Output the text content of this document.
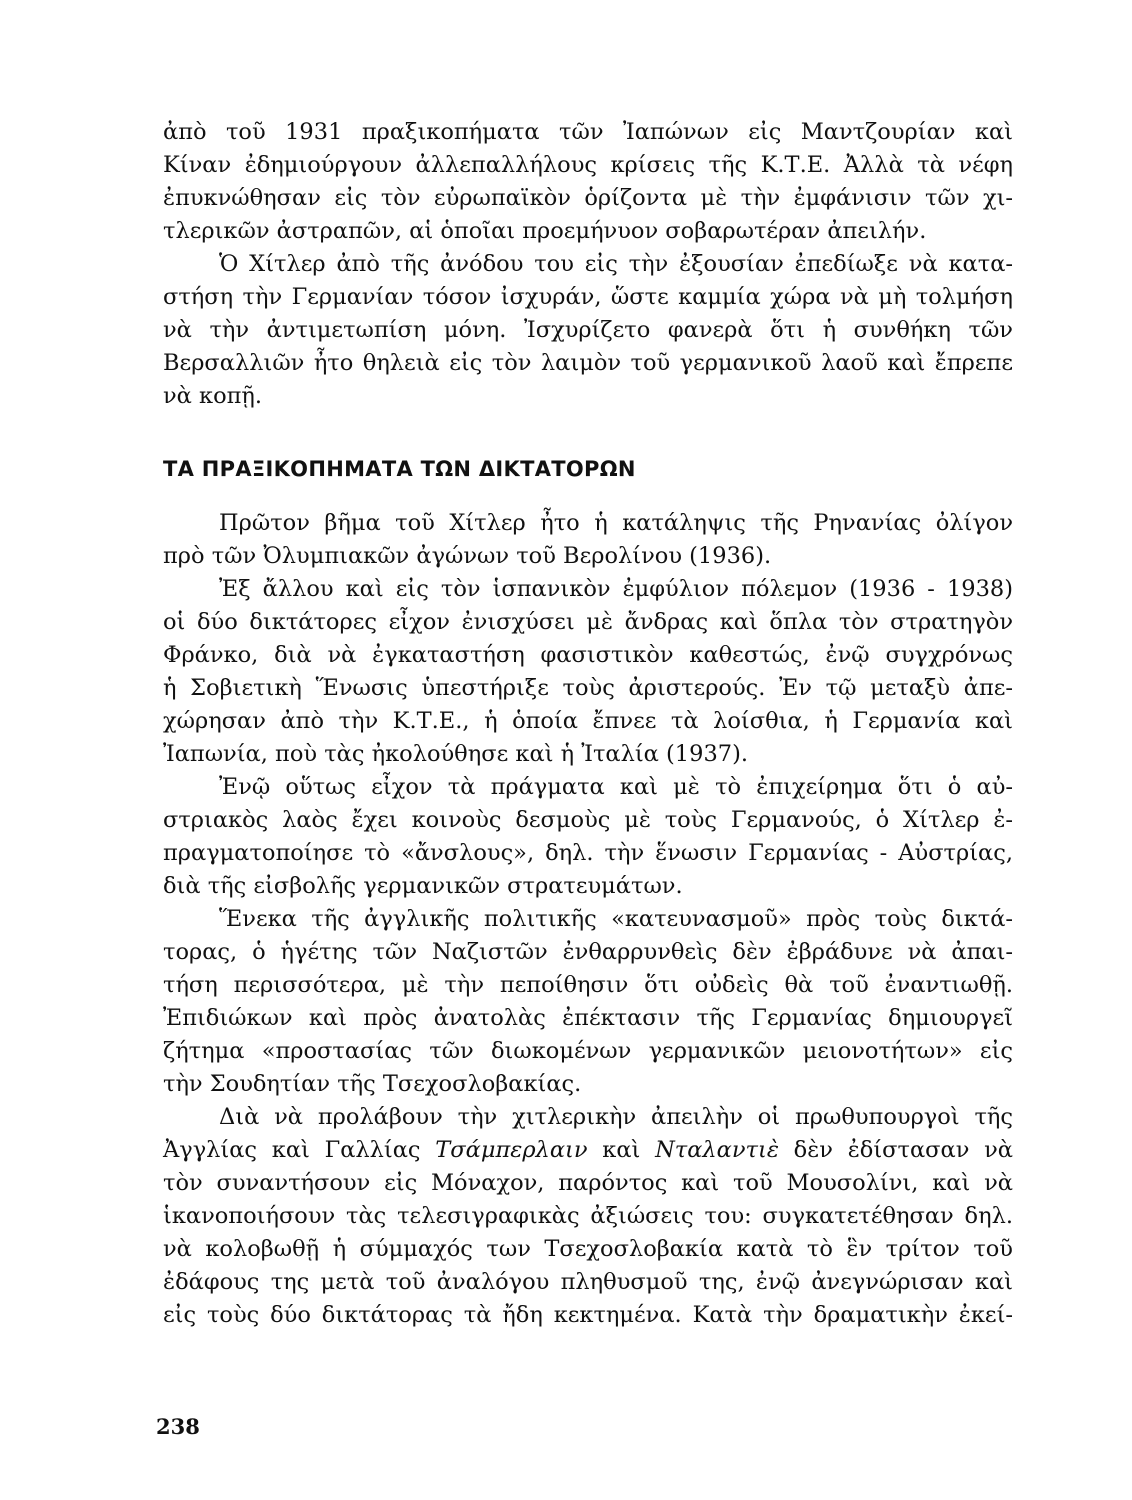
ἀπὸ τοῦ 1931 πραξικοπήματα τῶν Ἰαπώνων εἰς Μαντζουρίαν καὶ
Κίναν ἐδημιούργουν ἀλλεπαλλήλους κρίσεις τῆς Κ.Τ.Ε. Ἀλλὰ τὰ νέφη
ἐπυκνώθησαν εἰς τὸν εὐρωπαϊκὸν ὁρίζοντα μὲ τὴν ἐμφάνισιν τῶν χι-
τλερικῶν ἀστραπῶν, αἱ ὁποῖαι προεμήνυον σοβαρωτέραν ἀπειλήν.
Ὁ Χίτλερ ἀπὸ τῆς ἀνόδου του εἰς τὴν ἐξουσίαν ἐπεδίωξε νὰ κατα-
στήση τὴν Γερμανίαν τόσον ἰσχυράν, ὥστε καμμία χώρα νὰ μὴ τολμήση
νὰ τὴν ἀντιμετωπίση μόνη. Ἰσχυρίζετο φανερὰ ὅτι ἡ συνθήκη τῶν
Βερσαλλιῶν ἦτο θηλειὰ εἰς τὸν λαιμὸν τοῦ γερμανικοῦ λαοῦ καὶ ἔπρεπε
νὰ κοπῇ.
ΤΑ ΠΡΑΞΙΚΟΠΗΜΑΤΑ ΤΩΝ ΔΙΚΤΑΤΟΡΩΝ
Πρῶτον βῆμα τοῦ Χίτλερ ἦτο ἡ κατάληψις τῆς Ρηνανίας ὀλίγον
πρὸ τῶν Ὀλυμπιακῶν ἀγώνων τοῦ Βερολίνου (1936).
Ἐξ ἄλλου καὶ εἰς τὸν ἱσπανικὸν ἐμφύλιον πόλεμον (1936 - 1938)
οἱ δύο δικτάτορες εἶχον ἐνισχύσει μὲ ἄνδρας καὶ ὅπλα τὸν στρατηγὸν
Φράνκο, διὰ νὰ ἐγκαταστήση φασιστικὸν καθεστώς, ἐνῷ συγχρόνως
ἡ Σοβιετικὴ Ἕνωσις ὑπεστήριξε τοὺς ἀριστερούς. Ἐν τῷ μεταξὺ ἀπε-
χώρησαν ἀπὸ τὴν Κ.Τ.Ε., ἡ ὁποία ἔπνεε τὰ λοίσθια, ἡ Γερμανία καὶ
Ἰαπωνία, ποὺ τὰς ἠκολούθησε καὶ ἡ Ἰταλία (1937).
Ἐνῷ οὕτως εἶχον τὰ πράγματα καὶ μὲ τὸ ἐπιχείρημα ὅτι ὁ αὐ-
στριακὸς λαὸς ἔχει κοινοὺς δεσμοὺς μὲ τοὺς Γερμανούς, ὁ Χίτλερ ἐ-
πραγματοποίησε τὸ «ἄνσλους», δηλ. τὴν ἕνωσιν Γερμανίας - Αὐστρίας,
διὰ τῆς εἰσβολῆς γερμανικῶν στρατευμάτων.
Ἕνεκα τῆς ἀγγλικῆς πολιτικῆς «κατευνασμοῦ» πρὸς τοὺς δικτά-
τορας, ὁ ἡγέτης τῶν Ναζιστῶν ἐνθαρρυνθεὶς δὲν ἐβράδυνε νὰ ἀπαι-
τήση περισσότερα, μὲ τὴν πεποίθησιν ὅτι οὐδεὶς θὰ τοῦ ἐναντιωθῇ.
Ἐπιδιώκων καὶ πρὸς ἀνατολὰς ἐπέκτασιν τῆς Γερμανίας δημιουργεῖ
ζήτημα «προστασίας τῶν διωκομένων γερμανικῶν μειονοτήτων» εἰς
τὴν Σουδητίαν τῆς Τσεχοσλοβακίας.
Διὰ νὰ προλάβουν τὴν χιτλερικὴν ἀπειλὴν οἱ πρωθυπουργοὶ τῆς
Ἀγγλίας καὶ Γαλλίας Τσάμπερλαιν καὶ Νταλαντιὲ δὲν ἐδίστασαν νὰ
τὸν συναντήσουν εἰς Μόναχον, παρόντος καὶ τοῦ Μουσολίνι, καὶ νὰ
ἱκανοποιήσουν τὰς τελεσιγραφικὰς ἀξιώσεις του: συγκατετέθησαν δηλ.
νὰ κολοβωθῇ ἡ σύμμαχός των Τσεχοσλοβακία κατὰ τὸ ἓν τρίτον τοῦ
ἐδάφους της μετὰ τοῦ ἀναλόγου πληθυσμοῦ της, ἐνῷ ἀνεγνώρισαν καὶ
εἰς τοὺς δύο δικτάτορας τὰ ἤδη κεκτημένα. Κατὰ τὴν δραματικὴν ἐκεί-
238
